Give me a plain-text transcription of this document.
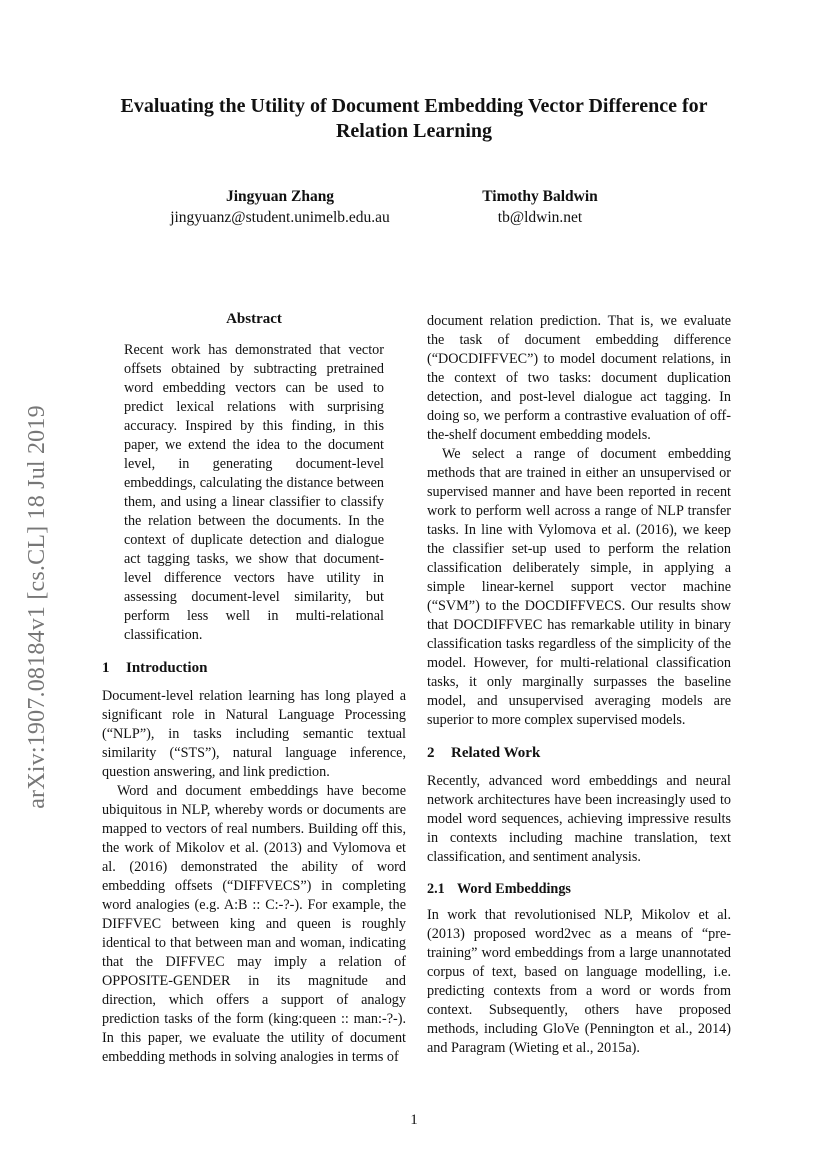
Evaluating the Utility of Document Embedding Vector Difference for
Relation Learning
Jingyuan Zhang
jingyuanz@student.unimelb.edu.au
Timothy Baldwin
tb@ldwin.net
arXiv:1907.08184v1 [cs.CL] 18 Jul 2019
Abstract

Recent work has demonstrated that vector offsets obtained by subtracting pretrained word embedding vectors can be used to predict lexical relations with surprising accuracy. Inspired by this finding, in this paper, we extend the idea to the document level, in generating document-level embeddings, calculating the distance between them, and using a linear classifier to classify the relation between the documents. In the context of duplicate detection and dialogue act tagging tasks, we show that document-level difference vectors have utility in assessing document-level similarity, but perform less well in multi-relational classification.

1 Introduction

Document-level relation learning has long played a significant role in Natural Language Processing (“NLP”), in tasks including semantic textual similarity (“STS”), natural language inference, question answering, and link prediction.

Word and document embeddings have become ubiquitous in NLP, whereby words or documents are mapped to vectors of real numbers. Building off this, the work of Mikolov et al. (2013) and Vylomova et al. (2016) demonstrated the ability of word embedding offsets (“DIFFVECS”) in completing word analogies (e.g. A:B :: C:-?-). For example, the DIFFVEC between king and queen is roughly identical to that between man and woman, indicating that the DIFFVEC may imply a relation of OPPOSITE-GENDER in its magnitude and direction, which offers a support of analogy prediction tasks of the form (king:queen :: man:-?-). In this paper, we evaluate the utility of document embedding methods in solving analogies in terms of

document relation prediction. That is, we evaluate the task of document embedding difference (“DOCDIFFVEC”) to model document relations, in the context of two tasks: document duplication detection, and post-level dialogue act tagging. In doing so, we perform a contrastive evaluation of off-the-shelf document embedding models.

We select a range of document embedding methods that are trained in either an unsupervised or supervised manner and have been reported in recent work to perform well across a range of NLP transfer tasks. In line with Vylomova et al. (2016), we keep the classifier set-up used to perform the relation classification deliberately simple, in applying a simple linear-kernel support vector machine (“SVM”) to the DOCDIFFVECS. Our results show that DOCDIFFVEC has remarkable utility in binary classification tasks regardless of the simplicity of the model. However, for multi-relational classification tasks, it only marginally surpasses the baseline model, and unsupervised averaging models are superior to more complex supervised models.

2 Related Work

Recently, advanced word embeddings and neural network architectures have been increasingly used to model word sequences, achieving impressive results in contexts including machine translation, text classification, and sentiment analysis.

2.1 Word Embeddings

In work that revolutionised NLP, Mikolov et al. (2013) proposed word2vec as a means of “pre-training” word embeddings from a large unannotated corpus of text, based on language modelling, i.e. predicting contexts from a word or words from context. Subsequently, others have proposed methods, including GloVe (Pennington et al., 2014) and Paragram (Wieting et al., 2015a).

1
